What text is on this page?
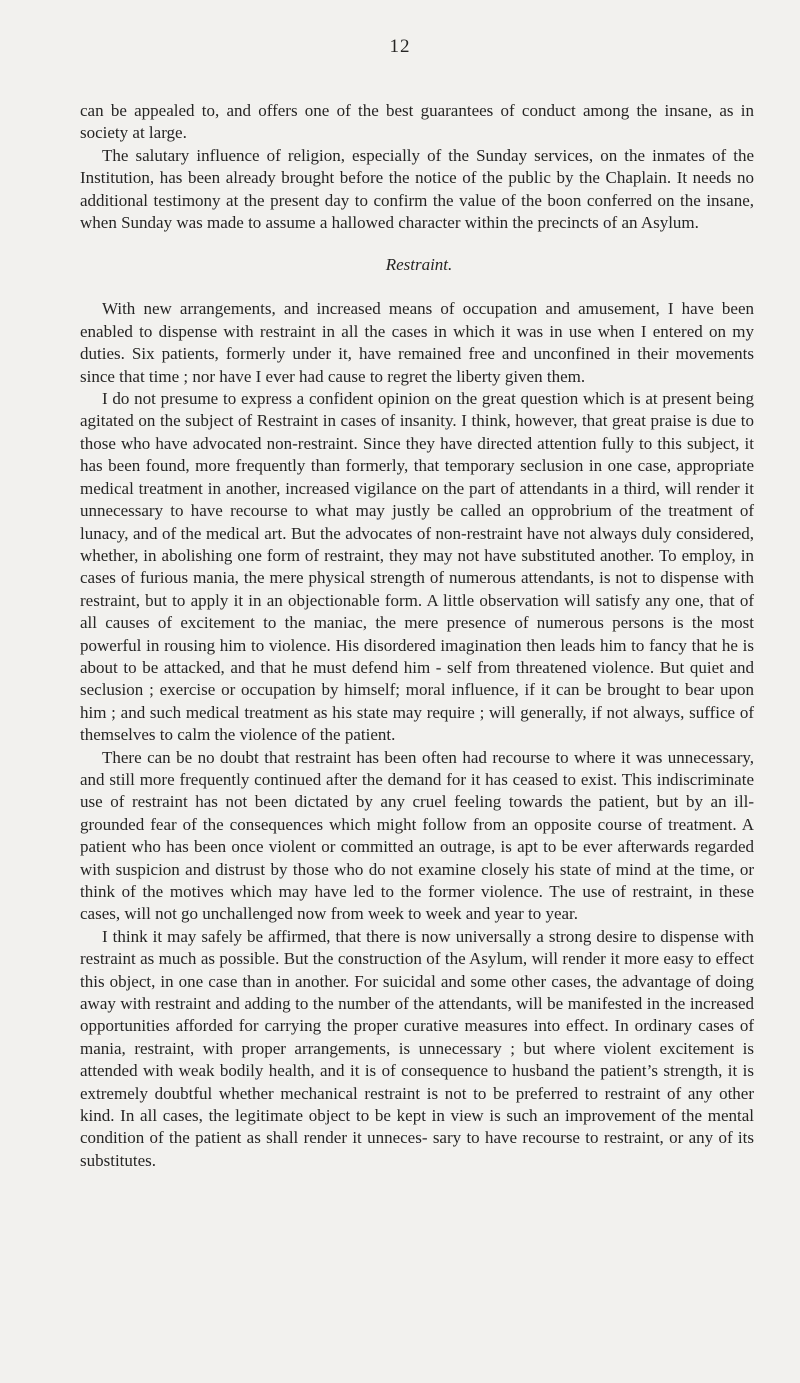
12

can be appealed to, and offers one of the best guarantees of conduct among the insane, as in society at large.

The salutary influence of religion, especially of the Sunday services, on the inmates of the Institution, has been already brought before the notice of the public by the Chaplain. It needs no additional testimony at the present day to confirm the value of the boon conferred on the insane, when Sunday was made to assume a hallowed character within the precincts of an Asylum.

Restraint.

With new arrangements, and increased means of occupation and amusement, I have been enabled to dispense with restraint in all the cases in which it was in use when I entered on my duties. Six patients, formerly under it, have remained free and unconfined in their movements since that time ; nor have I ever had cause to regret the liberty given them.

I do not presume to express a confident opinion on the great question which is at present being agitated on the subject of Restraint in cases of insanity. I think, however, that great praise is due to those who have advocated non-restraint. Since they have directed attention fully to this subject, it has been found, more frequently than formerly, that temporary seclusion in one case, appropriate medical treatment in another, increased vigilance on the part of attendants in a third, will render it unnecessary to have recourse to what may justly be called an opprobrium of the treatment of lunacy, and of the medical art. But the advocates of non-restraint have not always duly considered, whether, in abolishing one form of restraint, they may not have substituted another. To employ, in cases of furious mania, the mere physical strength of numerous attendants, is not to dispense with restraint, but to apply it in an objectionable form. A little observation will satisfy any one, that of all causes of excitement to the maniac, the mere presence of numerous persons is the most powerful in rousing him to violence. His disordered imagination then leads him to fancy that he is about to be attacked, and that he must defend him - self from threatened violence. But quiet and seclusion ; exercise or occupation by himself; moral influence, if it can be brought to bear upon him ; and such medical treatment as his state may require ; will generally, if not always, suffice of themselves to calm the violence of the patient.

There can be no doubt that restraint has been often had recourse to where it was unnecessary, and still more frequently continued after the demand for it has ceased to exist. This indiscriminate use of restraint has not been dictated by any cruel feeling towards the patient, but by an ill-grounded fear of the consequences which might follow from an opposite course of treatment. A patient who has been once violent or committed an outrage, is apt to be ever afterwards regarded with suspicion and distrust by those who do not examine closely his state of mind at the time, or think of the motives which may have led to the former violence. The use of restraint, in these cases, will not go unchallenged now from week to week and year to year.

I think it may safely be affirmed, that there is now universally a strong desire to dispense with restraint as much as possible. But the construction of the Asylum, will render it more easy to effect this object, in one case than in another. For suicidal and some other cases, the advantage of doing away with restraint and adding to the number of the attendants, will be manifested in the increased opportunities afforded for carrying the proper curative measures into effect. In ordinary cases of mania, restraint, with proper arrangements, is unnecessary ; but where violent excitement is attended with weak bodily health, and it is of consequence to husband the patient’s strength, it is extremely doubtful whether mechanical restraint is not to be preferred to restraint of any other kind. In all cases, the legitimate object to be kept in view is such an improvement of the mental condition of the patient as shall render it unneces- sary to have recourse to restraint, or any of its substitutes.
